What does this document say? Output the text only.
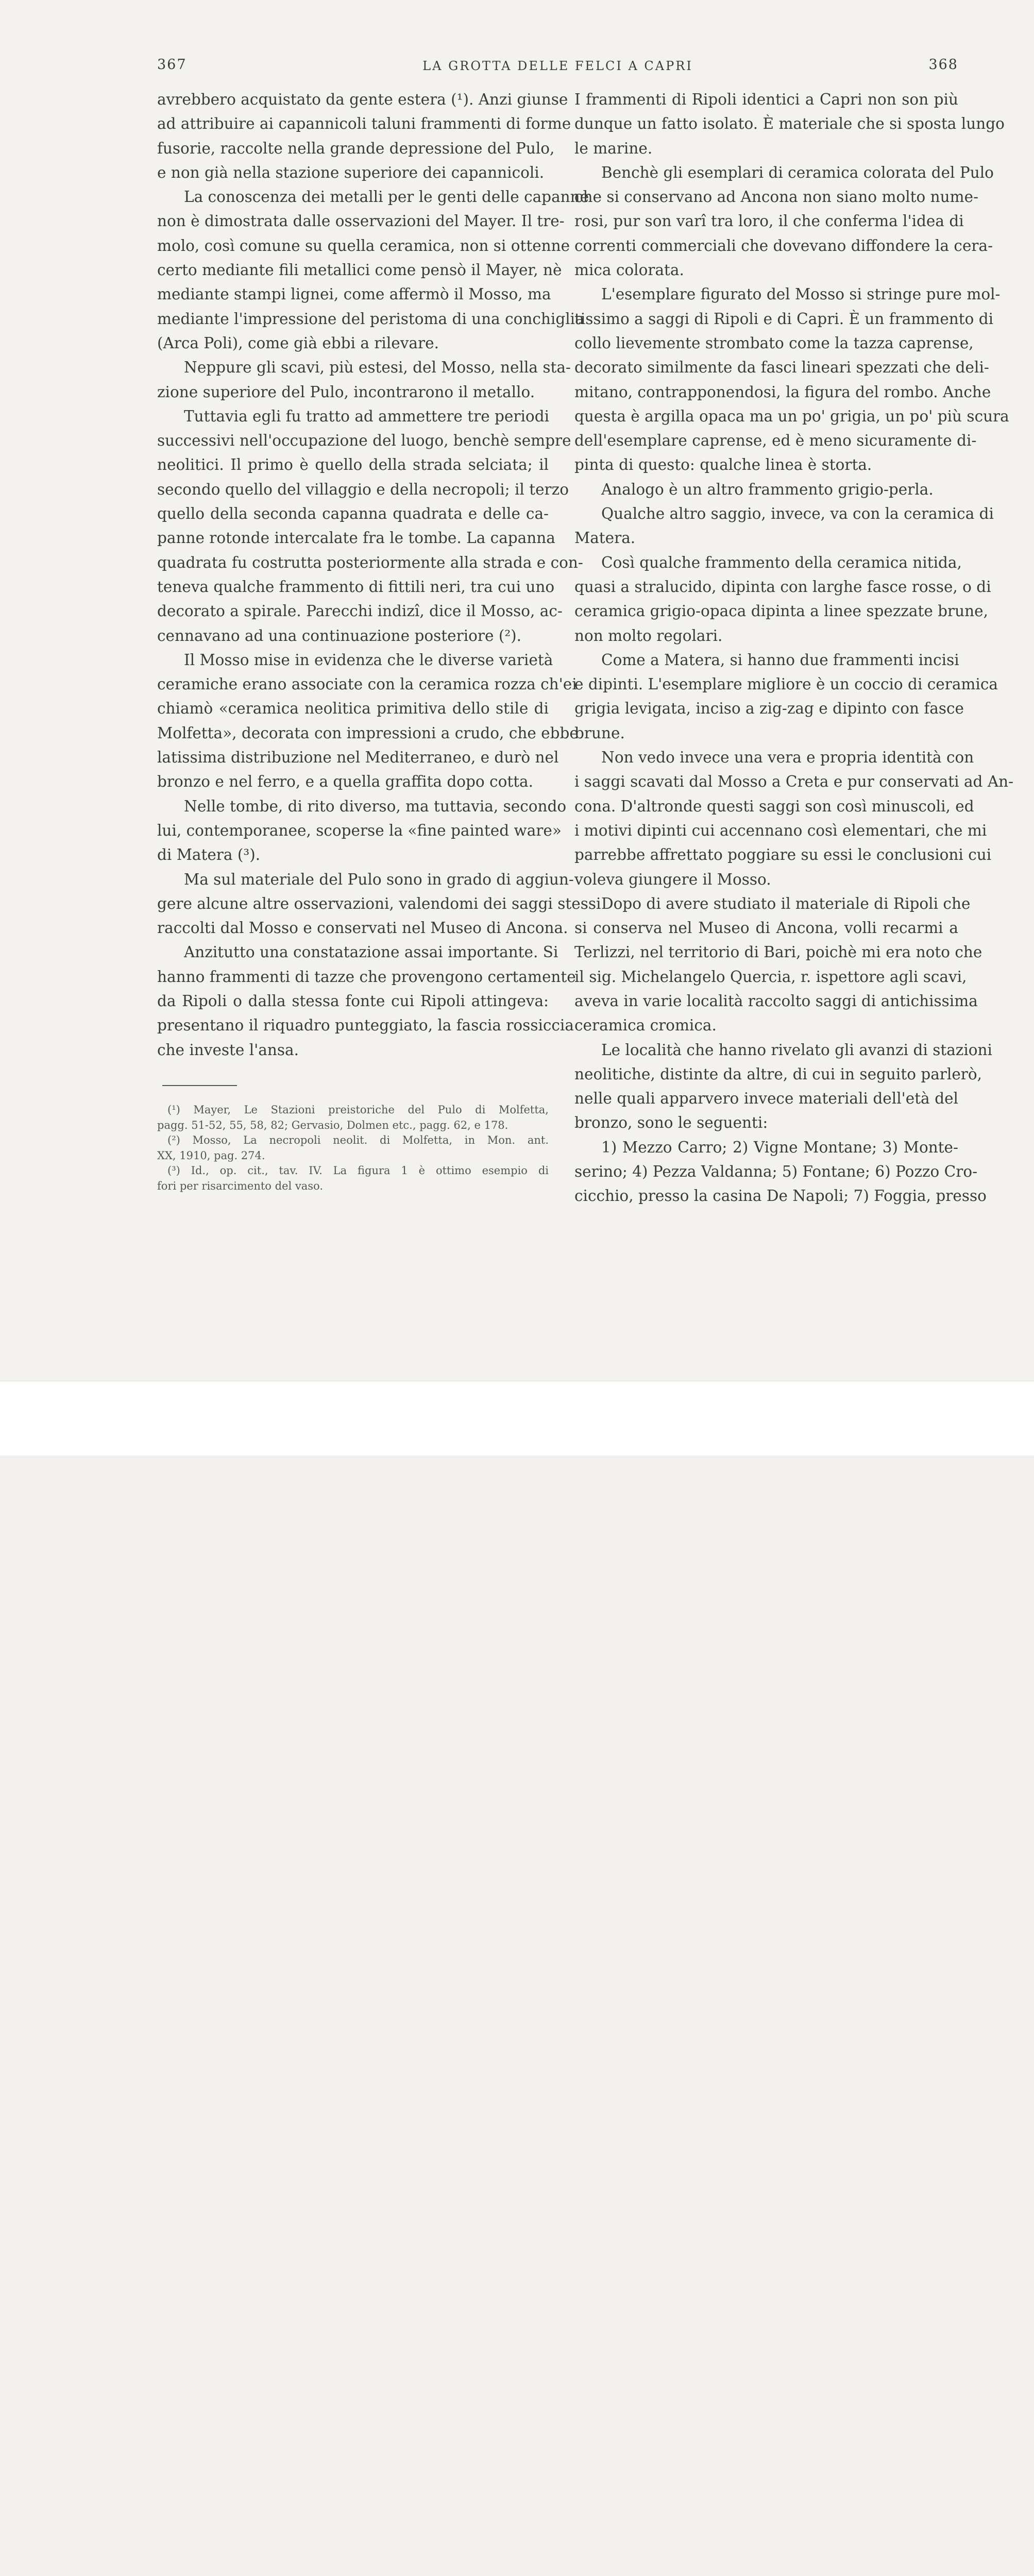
367	LA GROTTA DELLE FELCI A CAPRI	368
avrebbero acquistato da gente estera (¹). Anzi giunse
ad attribuire ai capannicoli taluni frammenti di forme
fusorie, raccolte nella grande depressione del Pulo,
e non già nella stazione superiore dei capannicoli.
La conoscenza dei metalli per le genti delle capanne
non è dimostrata dalle osservazioni del Mayer. Il tre-
molo, così comune su quella ceramica, non si ottenne
certo mediante fili metallici come pensò il Mayer, nè
mediante stampi lignei, come affermò il Mosso, ma
mediante l'impressione del peristoma di una conchiglia
(Arca Poli), come già ebbi a rilevare.
Neppure gli scavi, più estesi, del Mosso, nella sta-
zione superiore del Pulo, incontrarono il metallo.
Tuttavia egli fu tratto ad ammettere tre periodi
successivi nell'occupazione del luogo, benchè sempre
neolitici. Il primo è quello della strada selciata; il
secondo quello del villaggio e della necropoli; il terzo
quello della seconda capanna quadrata e delle ca-
panne rotonde intercalate fra le tombe. La capanna
quadrata fu costrutta posteriormente alla strada e con-
teneva qualche frammento di fittili neri, tra cui uno
decorato a spirale. Parecchi indizî, dice il Mosso, ac-
cennavano ad una continuazione posteriore (²).
Il Mosso mise in evidenza che le diverse varietà
ceramiche erano associate con la ceramica rozza ch'ei
chiamò «ceramica neolitica primitiva dello stile di
Molfetta», decorata con impressioni a crudo, che ebbe
latissima distribuzione nel Mediterraneo, e durò nel
bronzo e nel ferro, e a quella graffita dopo cotta.
Nelle tombe, di rito diverso, ma tuttavia, secondo
lui, contemporanee, scoperse la «fine painted ware»
di Matera (³).
Ma sul materiale del Pulo sono in grado di aggiun-
gere alcune altre osservazioni, valendomi dei saggi stessi
raccolti dal Mosso e conservati nel Museo di Ancona.
Anzitutto una constatazione assai importante. Si
hanno frammenti di tazze che provengono certamente
da Ripoli o dalla stessa fonte cui Ripoli attingeva:
presentano il riquadro punteggiato, la fascia rossiccia
che investe l'ansa.
(¹) Mayer, Le Stazioni preistoriche del Pulo di Molfetta,
pagg. 51-52, 55, 58, 82; Gervasio, Dolmen etc., pagg. 62, e 178.
(²) Mosso, La necropoli neolit. di Molfetta, in Mon. ant.
XX, 1910, pag. 274.
(³) Id., op. cit., tav. IV. La figura 1 è ottimo esempio di
fori per risarcimento del vaso.
I frammenti di Ripoli identici a Capri non son più
dunque un fatto isolato. È materiale che si sposta lungo
le marine.
Benchè gli esemplari di ceramica colorata del Pulo
che si conservano ad Ancona non siano molto nume-
rosi, pur son varî tra loro, il che conferma l'idea di
correnti commerciali che dovevano diffondere la cera-
mica colorata.
L'esemplare figurato del Mosso si stringe pure mol-
tissimo a saggi di Ripoli e di Capri. È un frammento di
collo lievemente strombato come la tazza caprense,
decorato similmente da fasci lineari spezzati che deli-
mitano, contrapponendosi, la figura del rombo. Anche
questa è argilla opaca ma un po' grigia, un po' più scura
dell'esemplare caprense, ed è meno sicuramente di-
pinta di questo: qualche linea è storta.
Analogo è un altro frammento grigio-perla.
Qualche altro saggio, invece, va con la ceramica di
Matera.
Così qualche frammento della ceramica nitida,
quasi a stralucido, dipinta con larghe fasce rosse, o di
ceramica grigio-opaca dipinta a linee spezzate brune,
non molto regolari.
Come a Matera, si hanno due frammenti incisi
e dipinti. L'esemplare migliore è un coccio di ceramica
grigia levigata, inciso a zig-zag e dipinto con fasce
brune.
Non vedo invece una vera e propria identità con
i saggi scavati dal Mosso a Creta e pur conservati ad An-
cona. D'altronde questi saggi son così minuscoli, ed
i motivi dipinti cui accennano così elementari, che mi
parrebbe affrettato poggiare su essi le conclusioni cui
voleva giungere il Mosso.
Dopo di avere studiato il materiale di Ripoli che
si conserva nel Museo di Ancona, volli recarmi a
Terlizzi, nel territorio di Bari, poichè mi era noto che
il sig. Michelangelo Quercia, r. ispettore agli scavi,
aveva in varie località raccolto saggi di antichissima
ceramica cromica.
Le località che hanno rivelato gli avanzi di stazioni
neolitiche, distinte da altre, di cui in seguito parlerò,
nelle quali apparvero invece materiali dell'età del
bronzo, sono le seguenti:
1) Mezzo Carro; 2) Vigne Montane; 3) Monte-
serino; 4) Pezza Valdanna; 5) Fontane; 6) Pozzo Cro-
cicchio, presso la casina De Napoli; 7) Foggia, presso
